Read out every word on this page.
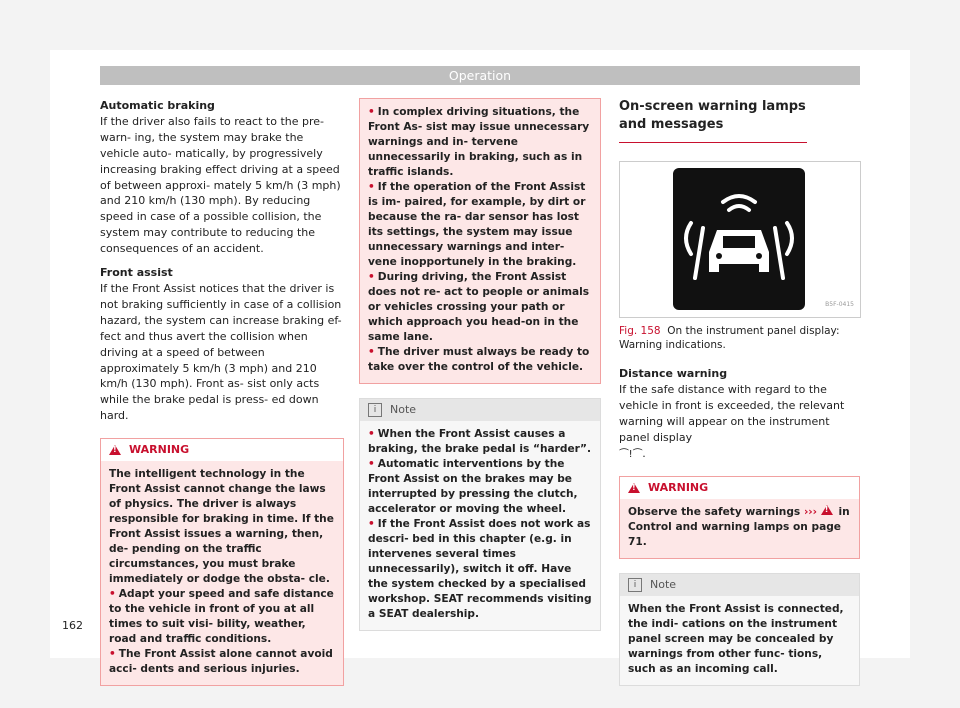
Operation

Automatic braking

If the driver also fails to react to the pre-warn- ing, the system may brake the vehicle auto- matically, by progressively increasing braking effect driving at a speed of between approxi- mately 5 km/h (3 mph) and 210 km/h (130 mph). By reducing speed in case of a possible collision, the system may contribute to reducing the consequences of an accident.

Front assist

If the Front Assist notices that the driver is not braking sufficiently in case of a collision hazard, the system can increase braking ef- fect and thus avert the collision when driving at a speed of between approximately 5 km/h (3 mph) and 210 km/h (130 mph). Front as- sist only acts while the brake pedal is press- ed down hard.

!
WARNING

The intelligent technology in the Front Assist cannot change the laws of physics. The driver is always responsible for braking in time. If the Front Assist issues a warning, then, de- pending on the traffic circumstances, you must brake immediately or dodge the obsta- cle.

• Adapt your speed and safe distance to the vehicle in front of you at all times to suit visi- bility, weather, road and traffic conditions.

• The Front Assist alone cannot avoid acci- dents and serious injuries.

• In complex driving situations, the Front As- sist may issue unnecessary warnings and in- tervene unnecessarily in braking, such as in traffic islands.

• If the operation of the Front Assist is im- paired, for example, by dirt or because the ra- dar sensor has lost its settings, the system may issue unnecessary warnings and inter- vene inopportunely in the braking.

• During driving, the Front Assist does not re- act to people or animals or vehicles crossing your path or which approach you head-on in the same lane.

• The driver must always be ready to take over the control of the vehicle.

i	Note

• When the Front Assist causes a braking, the brake pedal is “harder”.

• Automatic interventions by the Front Assist on the brakes may be interrupted by pressing the clutch, accelerator or moving the wheel.

• If the Front Assist does not work as descri- bed in this chapter (e.g. in intervenes several times unnecessarily), switch it off. Have the system checked by a specialised workshop. SEAT recommends visiting a SEAT dealership.

On-screen warning lamps and messages
B5F-0415

Fig. 158 On the instrument panel display: Warning indications.

Distance warning

If the safe distance with regard to the vehicle in front is exceeded, the relevant warning will appear on the instrument panel display
⏜!⏜.

!
WARNING

Observe the safety warnings ››› ! in Control and warning lamps on page 71.

i	Note

When the Front Assist is connected, the indi- cations on the instrument panel screen may be concealed by warnings from other func- tions, such as an incoming call.

162
